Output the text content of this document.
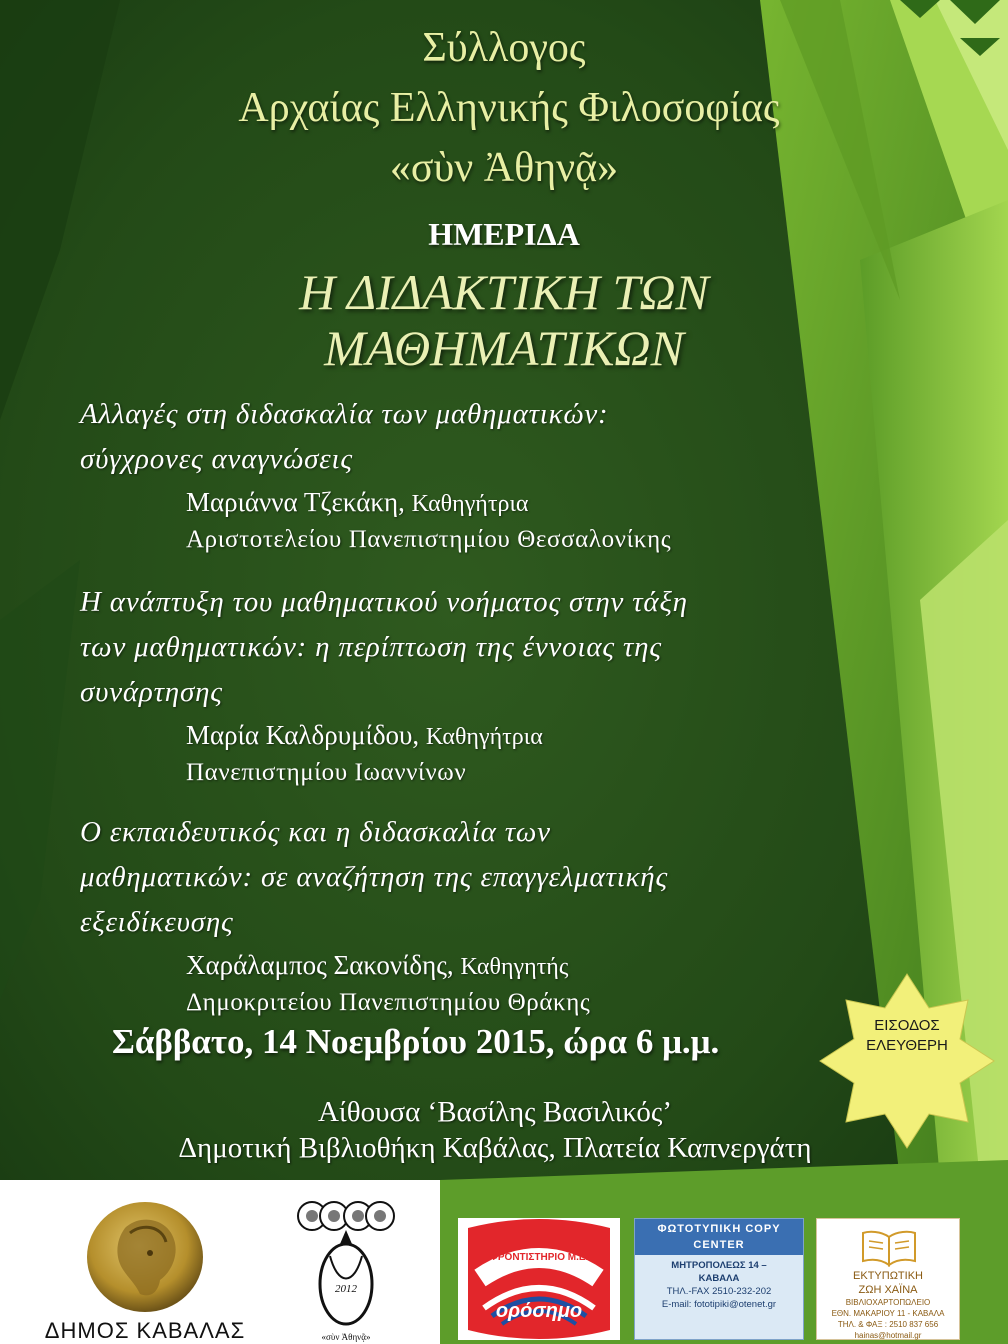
Σύλλογος
Αρχαίας Ελληνικής Φιλοσοφίας
«σὺν Ἀθηνᾷ»
ΗΜΕΡΙΔΑ
Η ΔΙΔΑΚΤΙΚΗ ΤΩΝ
ΜΑΘΗΜΑΤΙΚΩΝ
Αλλαγές στη διδασκαλία των μαθηματικών:
σύγχρονες αναγνώσεις
Μαριάννα Τζεκάκη, Καθηγήτρια
Αριστοτελείου Πανεπιστημίου Θεσσαλονίκης
Η ανάπτυξη του μαθηματικού νοήματος στην τάξη
των μαθηματικών: η περίπτωση της έννοιας της
συνάρτησης
Μαρία Καλδρυμίδου, Καθηγήτρια
Πανεπιστημίου Ιωαννίνων
Ο εκπαιδευτικός και η διδασκαλία των
μαθηματικών: σε αναζήτηση της επαγγελματικής
εξειδίκευσης
Χαράλαμπος Σακονίδης, Καθηγητής
Δημοκριτείου Πανεπιστημίου Θράκης
Σάββατο, 14 Νοεμβρίου 2015, ώρα 6 μ.μ.	ΕΙΣΟΔΟΣ
ΕΛΕΥΘΕΡΗ
Αίθουσα ‘Βασίλης Βασιλικός’
Δημοτική Βιβλιοθήκη Καβάλας, Πλατεία Καπνεργάτη
ΔΗΜΟΣ ΚΑΒΑΛΑΣ
2012
«σὺν Ἀθηνᾷ»
ΦΡΟΝΤΙΣΤΗΡΙΟ Μ.Ε.
ορόσημο
ΦΩΤΟΤΥΠΙΚΗ COPY
CENTER
ΜΗΤΡΟΠΟΛΕΩΣ 14 –
ΚΑΒΑΛΑ
ΤΗΛ.-FAX 2510-232-202
E-mail: fototipiki@otenet.gr
ΕΚΤΥΠΩΤΙΚΗ
ΖΩΗ ΧΑΪΝΑ
ΒΙΒΛΙΟΧΑΡΤΟΠΩΛΕΙΟ
ΕΘΝ. ΜΑΚΑΡΙΟΥ 11 - ΚΑΒΑΛΑ
ΤΗΛ. & ΦΑΞ : 2510 837 656
hainas@hotmail.gr
